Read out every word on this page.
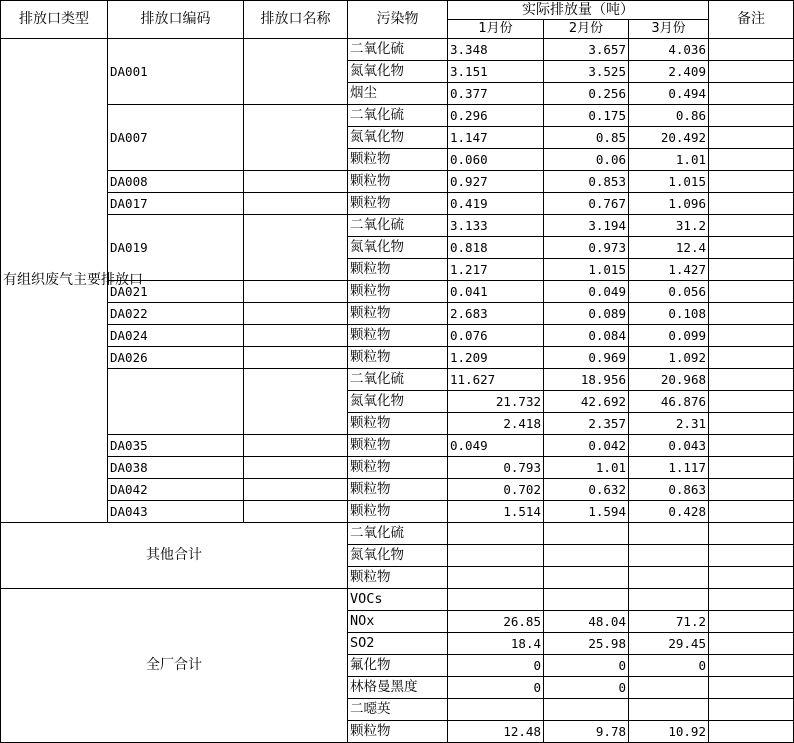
排放口类型	排放口编码	排放口名称	污染物	实际排放量（吨）			备注
				1月份	2月份	3月份	
有组织废气主要排放口	DA001		二氧化硫	3.348	3.657	4.036	
			氮氧化物	3.151	3.525	2.409	
			烟尘	0.377	0.256	0.494	
	DA007		二氧化硫	0.296	0.175	0.86	
			氮氧化物	1.147	0.85	20.492	
			颗粒物	0.060	0.06	1.01	
	DA008		颗粒物	0.927	0.853	1.015	
	DA017		颗粒物	0.419	0.767	1.096	
	DA019		二氧化硫	3.133	3.194	31.2	
			氮氧化物	0.818	0.973	12.4	
			颗粒物	1.217	1.015	1.427	
	DA021		颗粒物	0.041	0.049	0.056	
	DA022		颗粒物	2.683	0.089	0.108	
	DA024		颗粒物	0.076	0.084	0.099	
	DA026		颗粒物	1.209	0.969	1.092	
			二氧化硫	11.627	18.956	20.968	
			氮氧化物	21.732	42.692	46.876	
			颗粒物	2.418	2.357	2.31	
	DA035		颗粒物	0.049	0.042	0.043	
	DA038		颗粒物	0.793	1.01	1.117	
	DA042		颗粒物	0.702	0.632	0.863	
	DA043		颗粒物	1.514	1.594	0.428	
其他合计			二氧化硫				
			氮氧化物				
			颗粒物				
全厂合计			VOCs				
			NOx	26.85	48.04	71.2	
			SO2	18.4	25.98	29.45	
			氟化物	0	0	0	
			林格曼黑度	0	0		
			二噁英				
			颗粒物	12.48	9.78	10.92	
